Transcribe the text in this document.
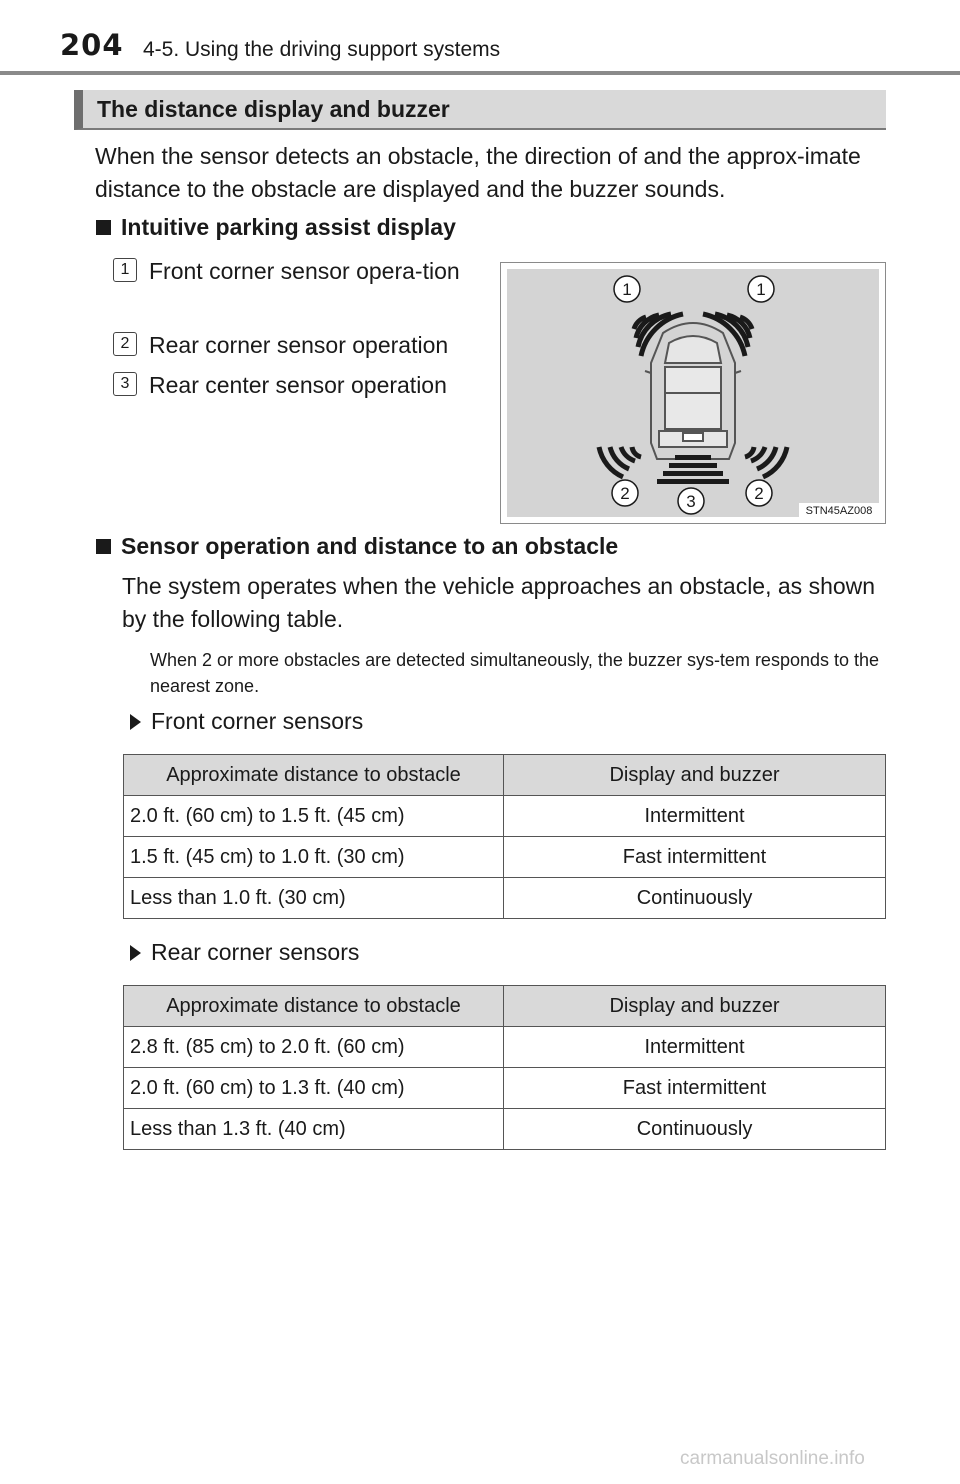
204 4-5. Using the driving support systems
The distance display and buzzer
When the sensor detects an obstacle, the direction of and the approx-imate distance to the obstacle are displayed and the buzzer sounds.
Intuitive parking assist display
1 Front corner sensor opera-tion
2 Rear corner sensor operation
3 Rear center sensor operation
1	1
2	3	2
STN45AZ008
Sensor operation and distance to an obstacle
The system operates when the vehicle approaches an obstacle, as shown by the following table.
When 2 or more obstacles are detected simultaneously, the buzzer sys-tem responds to the nearest zone.
Front corner sensors
Approximate distance to obstacle	Display and buzzer
2.0 ft. (60 cm) to 1.5 ft. (45 cm)	Intermittent
1.5 ft. (45 cm) to 1.0 ft. (30 cm)	Fast intermittent
Less than 1.0 ft. (30 cm)	Continuously
Rear corner sensors
Approximate distance to obstacle	Display and buzzer
2.8 ft. (85 cm) to 2.0 ft. (60 cm)	Intermittent
2.0 ft. (60 cm) to 1.3 ft. (40 cm)	Fast intermittent
Less than 1.3 ft. (40 cm)	Continuously
carmanualsonline.info
